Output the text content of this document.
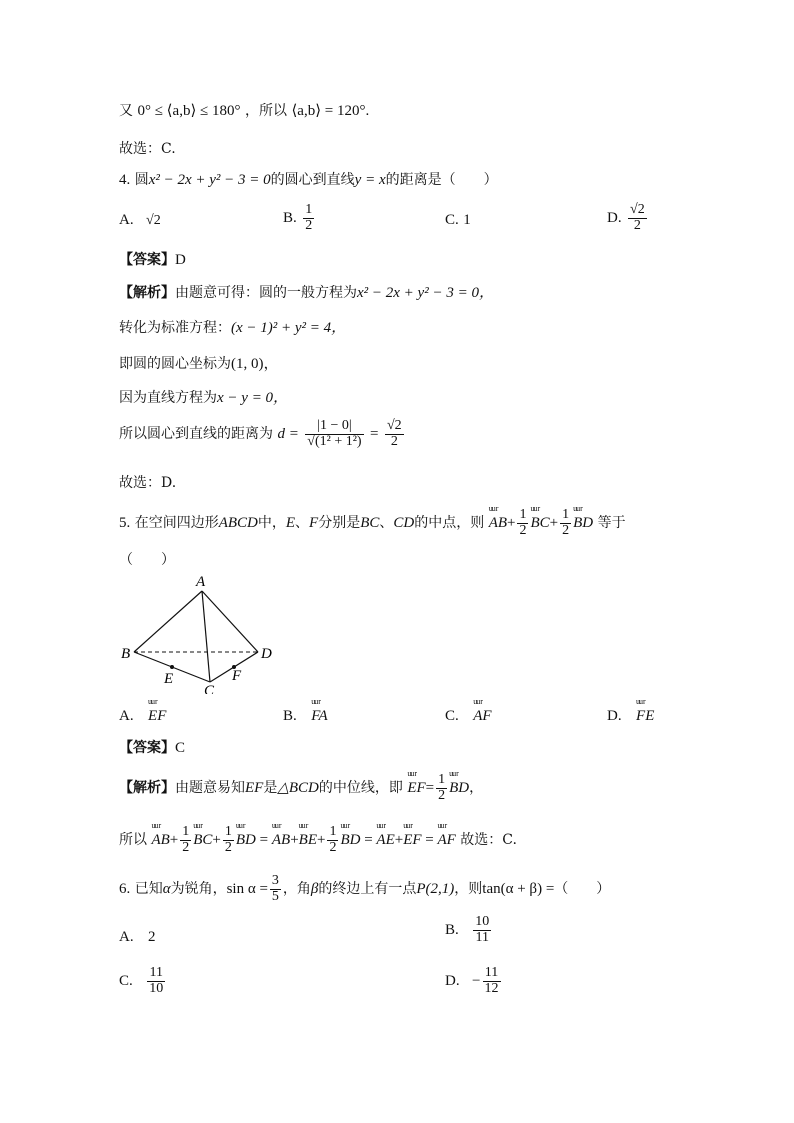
又 0° ≤ ⟨a,b⟩ ≤ 180° ，所以 ⟨a,b⟩ = 120°.
故选：C.
4. 圆x² − 2x + y² − 3 = 0的圆心到直线y = x的距离是（　　）
A. √2	B. $\frac{1}{2}$	C. 1	D. $\frac{√2}{2}$
【答案】D
【解析】由题意可得：圆的一般方程为x² − 2x + y² − 3 = 0，
转化为标准方程：(x − 1)² + y² = 4，
即圆的圆心坐标为(1, 0)，
因为直线方程为x − y = 0，
所以圆心到直线的距离为 $d = \frac{|1 - 0|}{\text{√(1² + 1²)}} = \frac{√2}{2}$
故选：D.
5. 在空间四边形ABCD中，E、F分别是BC、CD的中点，则 uu r $AB+ \frac{1}{2}$ uu r $BC+ \frac{1}{2}$ uu r BD 等于
（　　）
A
B
C
D
E	F
A. uu r EF	B. uu r FA	C. uu r AF	D. uu r FE
【答案】C
【解析】由题意易知EF是△BCD的中位线，即 uu r $EF= \frac{1}{2}$ uu r BD，
所以 uu r $AB+ \frac{1}{2}$ uu r $BC+ \frac{1}{2}$ uu r BD = uu r AB+uu r $BE+ \frac{1}{2}$ uu r BD = uu r AE+uu r EF = uu r AF 故选：C.
6. 已知α为锐角，$\sin \alpha = \frac{3}{5}$ ，角β的终边上有一点P(2,1)，则tan(α + β) =（　　）
A. 2	B. $\frac{10}{11}$
C. $\frac{11}{10}$	D. − $\frac{11}{12}$
